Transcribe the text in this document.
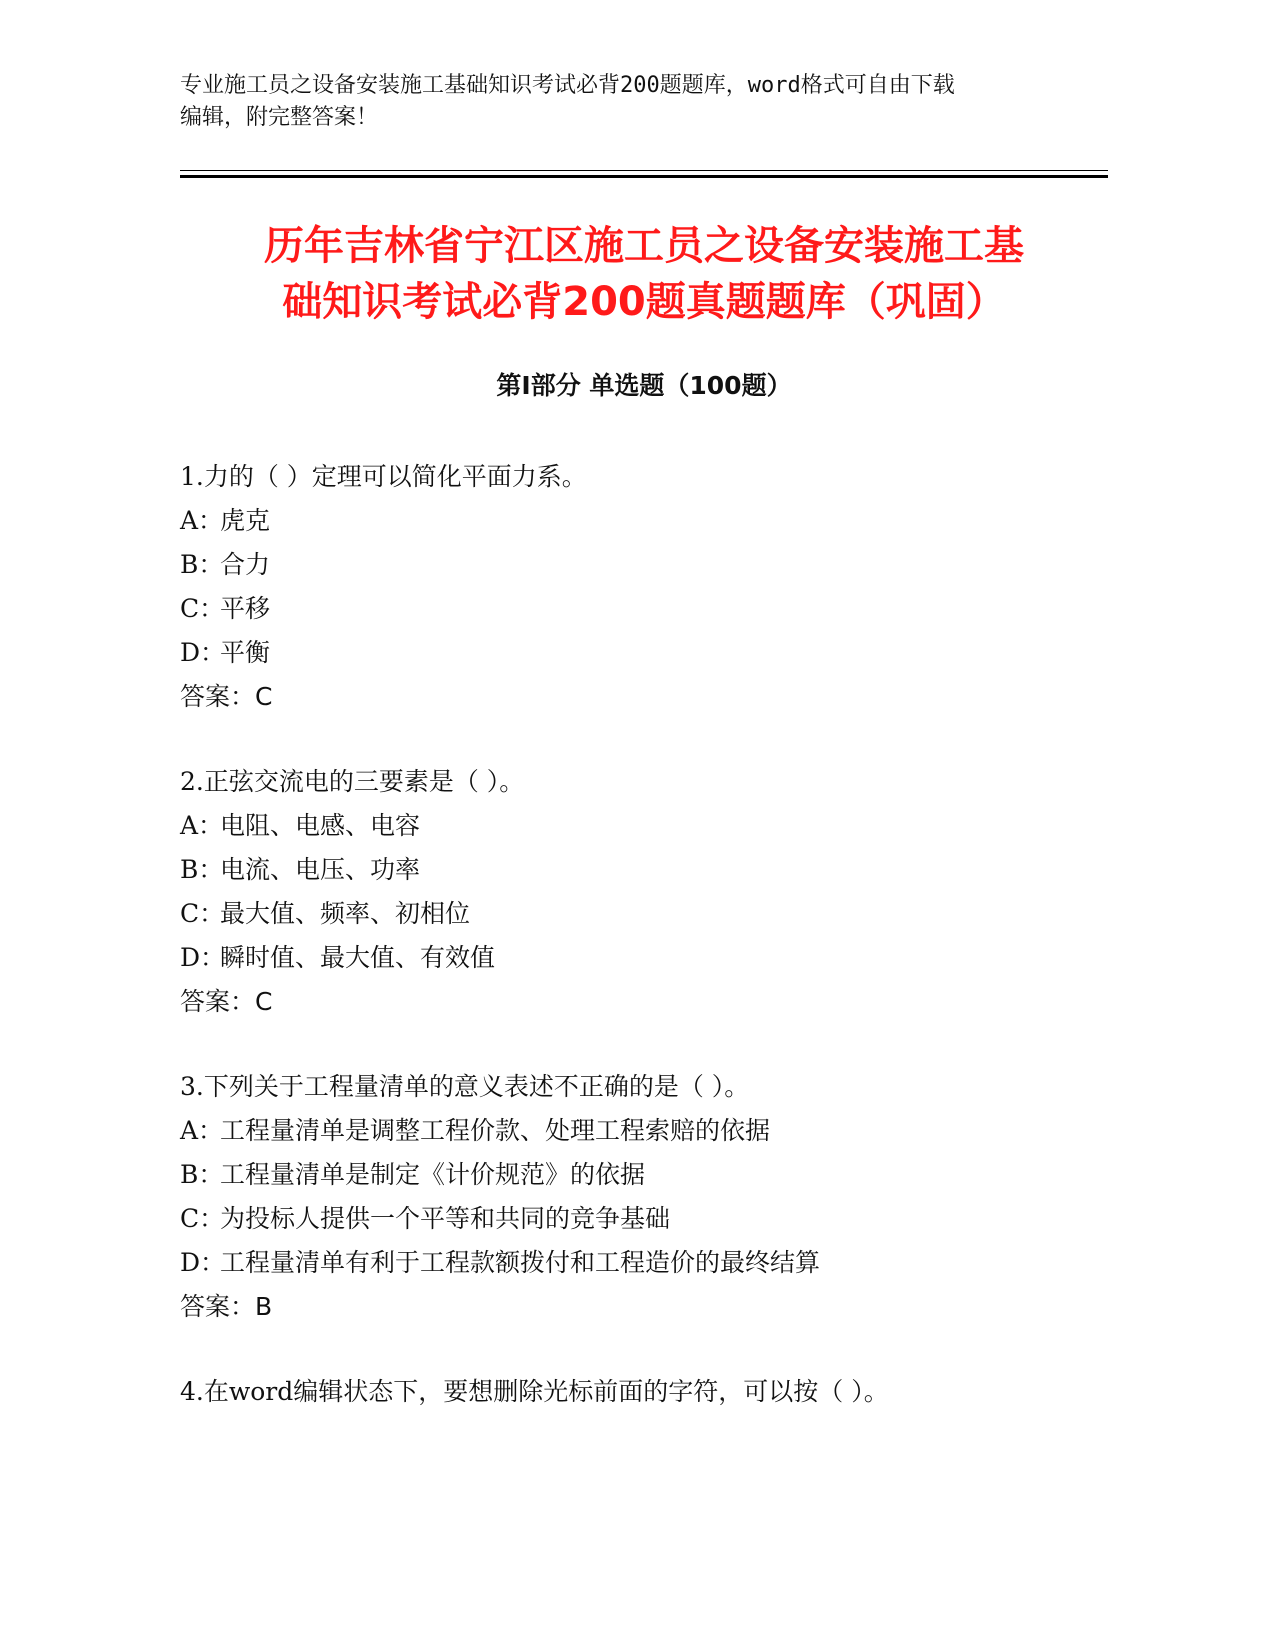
专业施工员之设备安装施工基础知识考试必背200题题库，word格式可自由下载
编辑，附完整答案！
历年吉林省宁江区施工员之设备安装施工基
础知识考试必背200题真题题库（巩固）
第Ⅰ部分 单选题（100题）
1.力的（ ）定理可以简化平面力系。
A：虎克
B：合力
C：平移
D：平衡
答案：C
2.正弦交流电的三要素是（ ）。
A：电阻、电感、电容
B：电流、电压、功率
C：最大值、频率、初相位
D：瞬时值、最大值、有效值
答案：C
3.下列关于工程量清单的意义表述不正确的是（ ）。
A：工程量清单是调整工程价款、处理工程索赔的依据
B：工程量清单是制定《计价规范》的依据
C：为投标人提供一个平等和共同的竞争基础
D：工程量清单有利于工程款额拨付和工程造价的最终结算
答案：B
4.在word编辑状态下，要想删除光标前面的字符，可以按（ ）。
